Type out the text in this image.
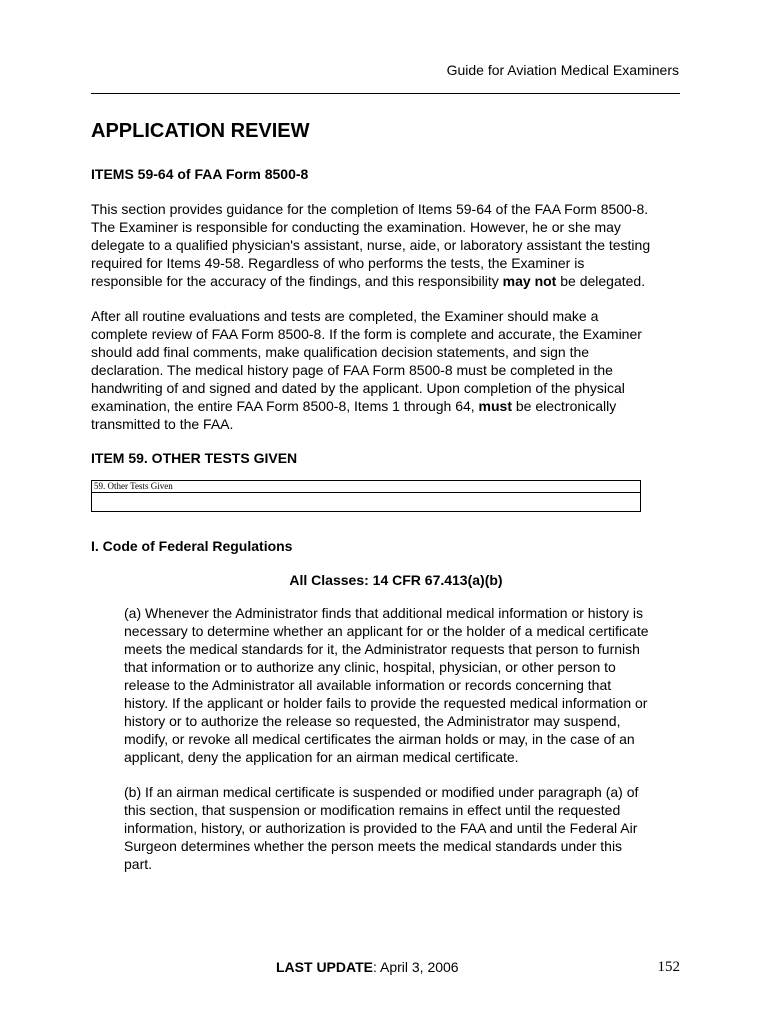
Guide for Aviation Medical Examiners
APPLICATION REVIEW
ITEMS 59-64 of FAA Form 8500-8

This section provides guidance for the completion of Items 59-64 of the FAA Form 8500-8. The Examiner is responsible for conducting the examination. However, he or she may delegate to a qualified physician's assistant, nurse, aide, or laboratory assistant the testing required for Items 49-58. Regardless of who performs the tests, the Examiner is responsible for the accuracy of the findings, and this responsibility may not be delegated.

After all routine evaluations and tests are completed, the Examiner should make a complete review of FAA Form 8500-8. If the form is complete and accurate, the Examiner should add final comments, make qualification decision statements, and sign the declaration. The medical history page of FAA Form 8500-8 must be completed in the handwriting of and signed and dated by the applicant. Upon completion of the physical examination, the entire FAA Form 8500-8, Items 1 through 64, must be electronically transmitted to the FAA.

ITEM 59. OTHER TESTS GIVEN
59. Other Tests Given
I. Code of Federal Regulations
All Classes: 14 CFR 67.413(a)(b)

(a) Whenever the Administrator finds that additional medical information or history is necessary to determine whether an applicant for or the holder of a medical certificate meets the medical standards for it, the Administrator requests that person to furnish that information or to authorize any clinic, hospital, physician, or other person to release to the Administrator all available information or records concerning that history. If the applicant or holder fails to provide the requested medical information or history or to authorize the release so requested, the Administrator may suspend, modify, or revoke all medical certificates the airman holds or may, in the case of an applicant, deny the application for an airman medical certificate.

(b) If an airman medical certificate is suspended or modified under paragraph (a) of this section, that suspension or modification remains in effect until the requested information, history, or authorization is provided to the FAA and until the Federal Air Surgeon determines whether the person meets the medical standards under this part.

LAST UPDATE: April 3, 2006	152
